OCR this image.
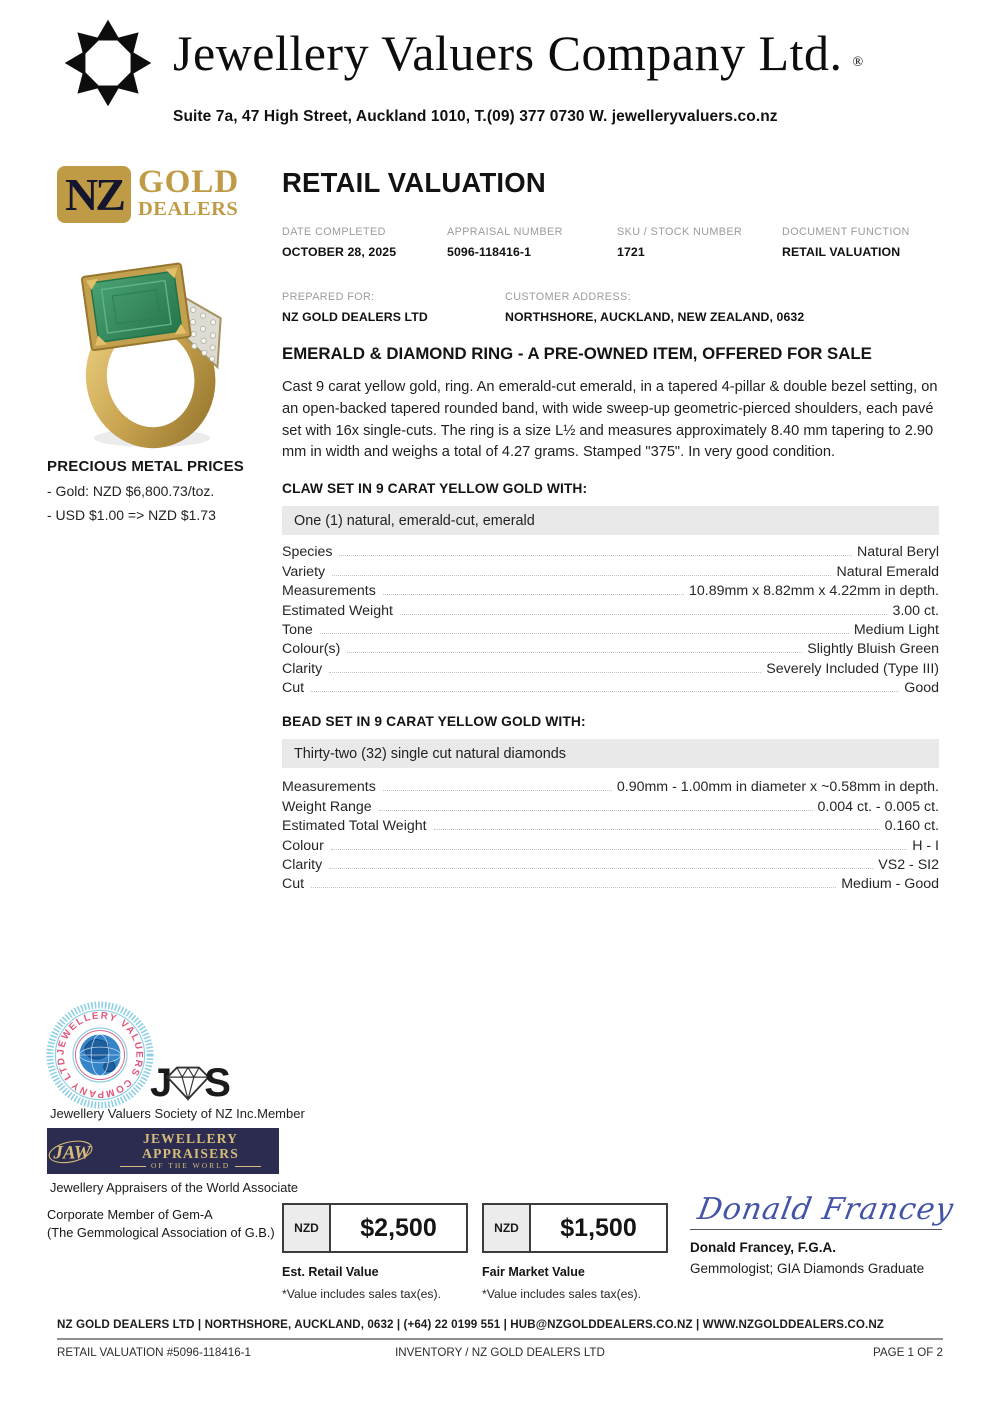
Jewellery Valuers Company Ltd. ®
Suite 7a, 47 High Street, Auckland 1010, T.(09) 377 0730 W. jewelleryvaluers.co.nz
NZ GOLD
DEALERS
PRECIOUS METAL PRICES
- Gold: NZD $6,800.73/toz.
- USD $1.00 => NZD $1.73
RETAIL VALUATION
DATE COMPLETED
OCTOBER 28, 2025
APPRAISAL NUMBER
5096-118416-1
SKU / STOCK NUMBER
1721
DOCUMENT FUNCTION
RETAIL VALUATION
PREPARED FOR:
NZ GOLD DEALERS LTD
CUSTOMER ADDRESS:
NORTHSHORE, AUCKLAND, NEW ZEALAND, 0632
EMERALD & DIAMOND RING - A PRE-OWNED ITEM, OFFERED FOR SALE
Cast 9 carat yellow gold, ring. An emerald-cut emerald, in a tapered 4-pillar & double bezel setting, on an open-backed tapered rounded band, with wide sweep-up geometric-pierced shoulders, each pavé set with 16x single-cuts. The ring is a size L½ and measures approximately 8.40 mm tapering to 2.90 mm in width and weighs a total of 4.27 grams. Stamped "375". In very good condition.
CLAW SET IN 9 CARAT YELLOW GOLD WITH:
One (1) natural, emerald-cut, emerald
Species	Natural Beryl
Variety	Natural Emerald
Measurements	10.89mm x 8.82mm x 4.22mm in depth.
Estimated Weight	3.00 ct.
Tone	Medium Light
Colour(s)	Slightly Bluish Green
Clarity	Severely Included (Type III)
Cut	Good
BEAD SET IN 9 CARAT YELLOW GOLD WITH:
Thirty-two (32) single cut natural diamonds
Measurements	0.90mm - 1.00mm in diameter x ~0.58mm in depth.
Weight Range	0.004 ct. - 0.005 ct.
Estimated Total Weight	0.160 ct.
Colour	H - I
Clarity	VS2 - SI2
Cut	Medium - Good
JEWELLERY VALUERS COMPANY LTD
J S
Jewellery Valuers Society of NZ Inc.Member
JAW
JEWELLERY APPRAISERS
OF THE WORLD
Jewellery Appraisers of the World Associate
Corporate Member of Gem-A
(The Gemmological Association of G.B.)	NZD	$2,500
Est. Retail Value
*Value includes sales tax(es).
NZD	$1,500
Fair Market Value
*Value includes sales tax(es).
Donald Francey
Donald Francey, F.G.A.
Gemmologist; GIA Diamonds Graduate
NZ GOLD DEALERS LTD | NORTHSHORE, AUCKLAND, 0632 | (+64) 22 0199 551 | HUB@NZGOLDDEALERS.CO.NZ | WWW.NZGOLDDEALERS.CO.NZ
RETAIL VALUATION #5096-118416-1	INVENTORY / NZ GOLD DEALERS LTD	PAGE 1 OF 2
